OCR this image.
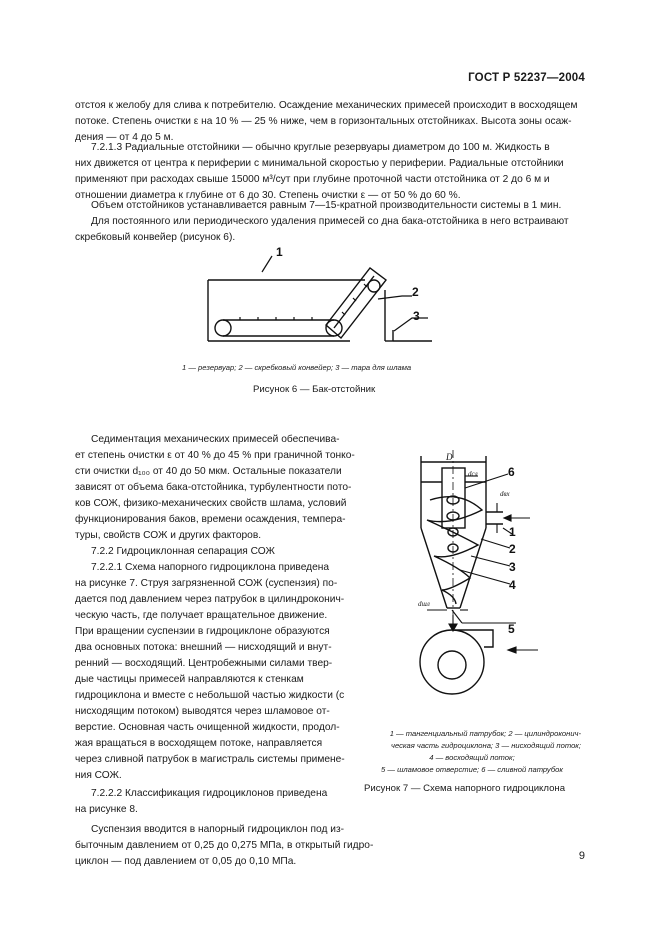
ГОСТ Р 52237—2004
отстоя к желобу для слива к потребителю. Осаждение механических примесей происходит в восходящем
потоке. Степень очистки ε на 10 % — 25 % ниже, чем в горизонтальных отстойниках. Высота зоны осаж-
дения — от 4 до 5 м.
7.2.1.3 Радиальные отстойники — обычно круглые резервуары диаметром до 100 м. Жидкость в
них движется от центра к периферии с минимальной скоростью у периферии. Радиальные отстойники
применяют при расходах свыше 15000 м³/сут при глубине проточной части отстойника от 2 до 6 м и
отношении диаметра к глубине от 6 до 30. Степень очистки ε — от 50 % до 60 %.
Объем отстойников устанавливается равным 7—15-кратной производительности системы в 1 мин.
Для постоянного или периодического удаления примесей со дна бака-отстойника в него встраивают
скребковый конвейер (рисунок 6).
1
2
3
1 — резервуар; 2 — скребковый конвейер; 3 — тара для шлама
Рисунок 6 — Бак-отстойник
Седиментация механических примесей обеспечива-
ет степень очистки ε от 40 % до 45 % при граничной тонко-
сти очистки d₁₀₀ от 40 до 50 мкм. Остальные показатели
зависят от объема бака-отстойника, турбулентности пото-
ков СОЖ, физико-механических свойств шлама, условий
функционирования баков, времени осаждения, темпера-
туры, свойств СОЖ и других факторов.
7.2.2 Гидроциклонная сепарация СОЖ
7.2.2.1 Схема напорного гидроциклона приведена
на рисунке 7. Струя загрязненной СОЖ (суспензия) по-
дается под давлением через патрубок в цилиндроконич-
ческую часть, где получает вращательное движение.
При вращении суспензии в гидроциклоне образуются
два основных потока: внешний — нисходящий и внут-
ренний — восходящий. Центробежными силами твер-
дые частицы примесей направляются к стенкам
гидроциклона и вместе с небольшой частью жидкости (с
нисходящим потоком) выводятся через шламовое от-
верстие. Основная часть очищенной жидкости, продол-
жая вращаться в восходящем потоке, направляется
через сливной патрубок в магистраль системы примене-
ния СОЖ.
7.2.2.2 Классификация гидроциклонов приведена
на рисунке 8.
Суспензия вводится в напорный гидроциклон под из-
быточным давлением от 0,25 до 0,275 МПа, в открытый гидро-
циклон — под давлением от 0,05 до 0,10 МПа.
D
dсл
dвх
dшл
6
1
2
3
4
5
1 — тангенциальный патрубок; 2 — цилиндроконич-
ческая часть гидроциклона; 3 — нисходящий поток;
4 — восходящий поток;
5 — шламовое отверстие; 6 — сливной патрубок
Рисунок 7 — Схема напорного гидроциклона
9
